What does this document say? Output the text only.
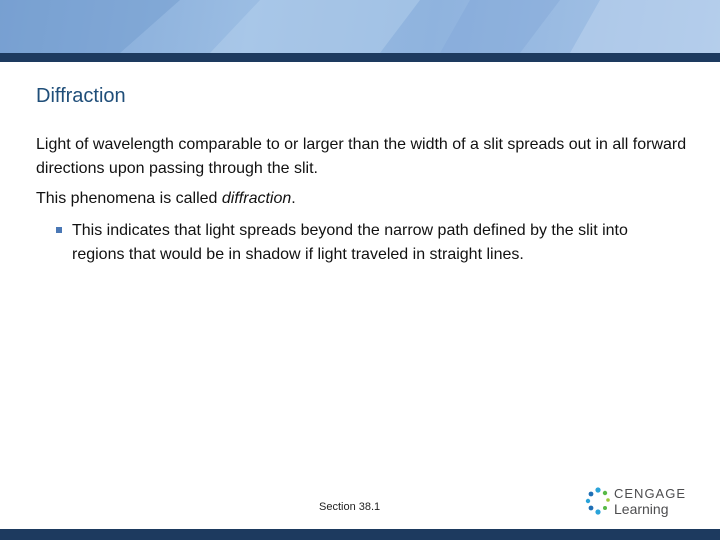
Diffraction

Light of wavelength comparable to or larger than the width of a slit spreads out in all forward directions upon passing through the slit.

This phenomena is called diffraction.

This indicates that light spreads beyond the narrow path defined by the slit into regions that would be in shadow if light traveled in straight lines.
Section 38.1
CENGAGE
Learning
